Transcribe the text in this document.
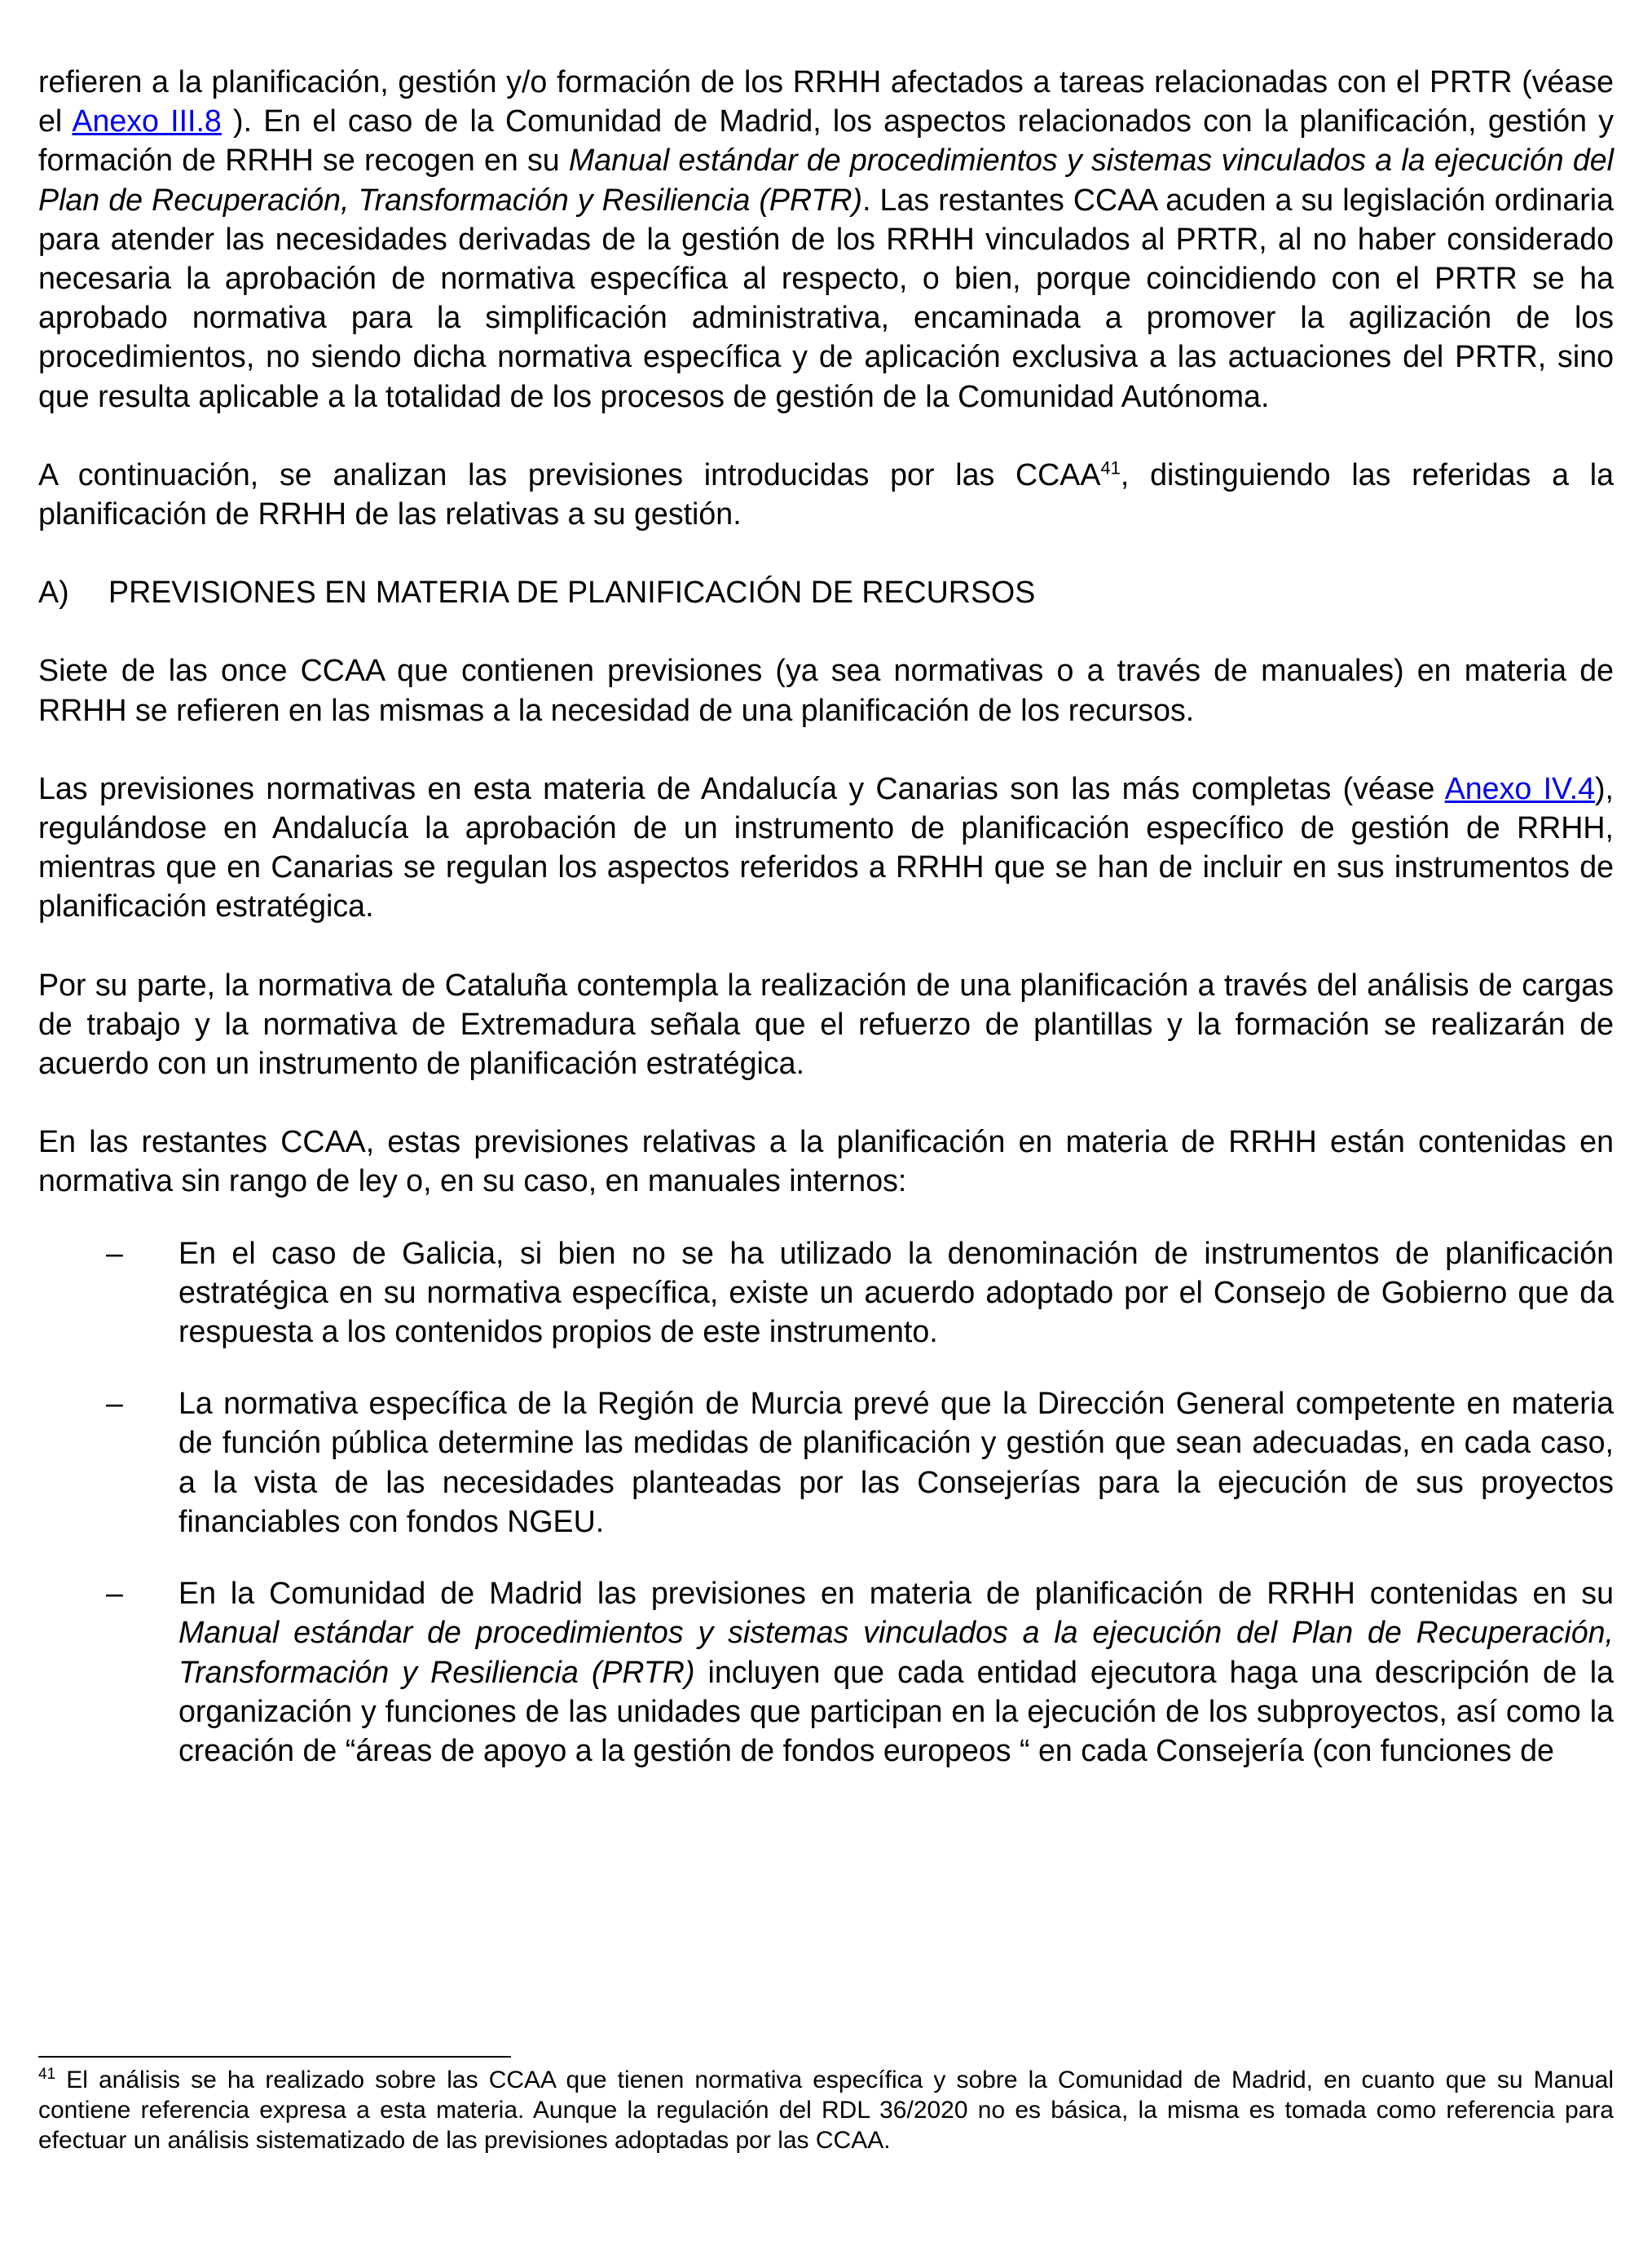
refieren a la planificación, gestión y/o formación de los RRHH afectados a tareas relacionadas con el PRTR (véase el Anexo III.8 ). En el caso de la Comunidad de Madrid, los aspectos relacionados con la planificación, gestión y formación de RRHH se recogen en su Manual estándar de procedimientos y sistemas vinculados a la ejecución del Plan de Recuperación, Transformación y Resiliencia (PRTR). Las restantes CCAA acuden a su legislación ordinaria para atender las necesidades derivadas de la gestión de los RRHH vinculados al PRTR, al no haber considerado necesaria la aprobación de normativa específica al respecto, o bien, porque coincidiendo con el PRTR se ha aprobado normativa para la simplificación administrativa, encaminada a promover la agilización de los procedimientos, no siendo dicha normativa específica y de aplicación exclusiva a las actuaciones del PRTR, sino que resulta aplicable a la totalidad de los procesos de gestión de la Comunidad Autónoma.

A continuación, se analizan las previsiones introducidas por las CCAA$^{41}$, distinguiendo las referidas a la planificación de RRHH de las relativas a su gestión.

A) PREVISIONES EN MATERIA DE PLANIFICACIÓN DE RECURSOS

Siete de las once CCAA que contienen previsiones (ya sea normativas o a través de manuales) en materia de RRHH se refieren en las mismas a la necesidad de una planificación de los recursos.

Las previsiones normativas en esta materia de Andalucía y Canarias son las más completas (véase Anexo IV.4), regulándose en Andalucía la aprobación de un instrumento de planificación específico de gestión de RRHH, mientras que en Canarias se regulan los aspectos referidos a RRHH que se han de incluir en sus instrumentos de planificación estratégica.

Por su parte, la normativa de Cataluña contempla la realización de una planificación a través del análisis de cargas de trabajo y la normativa de Extremadura señala que el refuerzo de plantillas y la formación se realizarán de acuerdo con un instrumento de planificación estratégica.

En las restantes CCAA, estas previsiones relativas a la planificación en materia de RRHH están contenidas en normativa sin rango de ley o, en su caso, en manuales internos:

– En el caso de Galicia, si bien no se ha utilizado la denominación de instrumentos de planificación estratégica en su normativa específica, existe un acuerdo adoptado por el Consejo de Gobierno que da respuesta a los contenidos propios de este instrumento.
– La normativa específica de la Región de Murcia prevé que la Dirección General competente en materia de función pública determine las medidas de planificación y gestión que sean adecuadas, en cada caso, a la vista de las necesidades planteadas por las Consejerías para la ejecución de sus proyectos financiables con fondos NGEU.
– En la Comunidad de Madrid las previsiones en materia de planificación de RRHH contenidas en su Manual estándar de procedimientos y sistemas vinculados a la ejecución del Plan de Recuperación, Transformación y Resiliencia (PRTR) incluyen que cada entidad ejecutora haga una descripción de la organización y funciones de las unidades que participan en la ejecución de los subproyectos, así como la creación de “áreas de apoyo a la gestión de fondos europeos “ en cada Consejería (con funciones de

$^{41}$ El análisis se ha realizado sobre las CCAA que tienen normativa específica y sobre la Comunidad de Madrid, en cuanto que su Manual contiene referencia expresa a esta materia. Aunque la regulación del RDL 36/2020 no es básica, la misma es tomada como referencia para efectuar un análisis sistematizado de las previsiones adoptadas por las CCAA.
